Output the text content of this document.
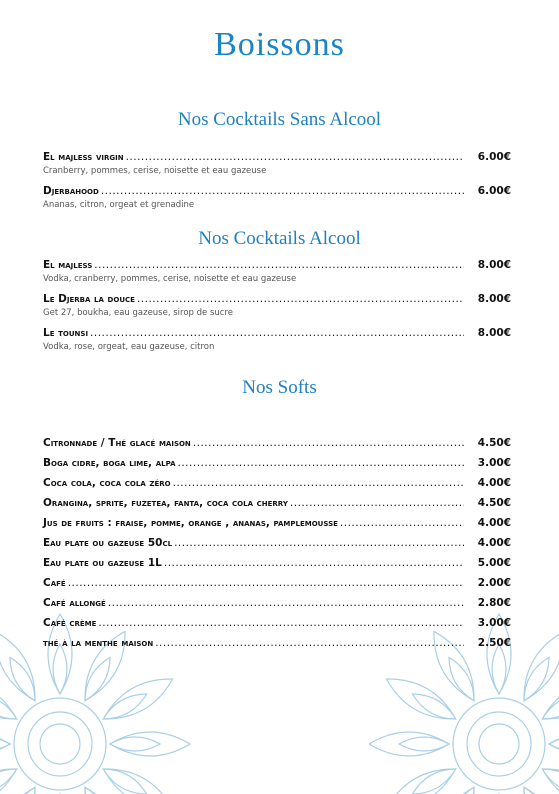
Boissons
Nos Cocktails Sans Alcool
El majless virgin .....	6.00€
Cranberry, pommes, cerise, noisette et eau gazeuse
Djerbahood .....	6.00€
Ananas, citron, orgeat et grenadine
Nos Cocktails Alcool
El majless .....	8.00€
Vodka, cranberry, pommes, cerise, noisette et eau gazeuse
Le Djerba la douce .....	8.00€
Get 27, boukha, eau gazeuse, sirop de sucre
Le tounsi .....	8.00€
Vodka, rose, orgeat, eau gazeuse, citron
Nos Softs
Citronnade / Thé glacé maison .....	4.50€
Boga cidre, boga lime, alpa .....	3.00€
Coca cola, coca cola zéro .....	4.00€
Orangina, sprite, fuzetea, fanta, coca cola cherry .....	4.50€
Jus de fruits : fraise, pomme, orange , ananas, pamplemousse .....	4.00€
Eau plate ou gazeuse 50cl .....	4.00€
Eau plate ou gazeuse 1L .....	5.00€
Café .....	2.00€
Café allongé .....	2.80€
Café crème .....	3.00€
thé à la menthe maison .....	2.50€
